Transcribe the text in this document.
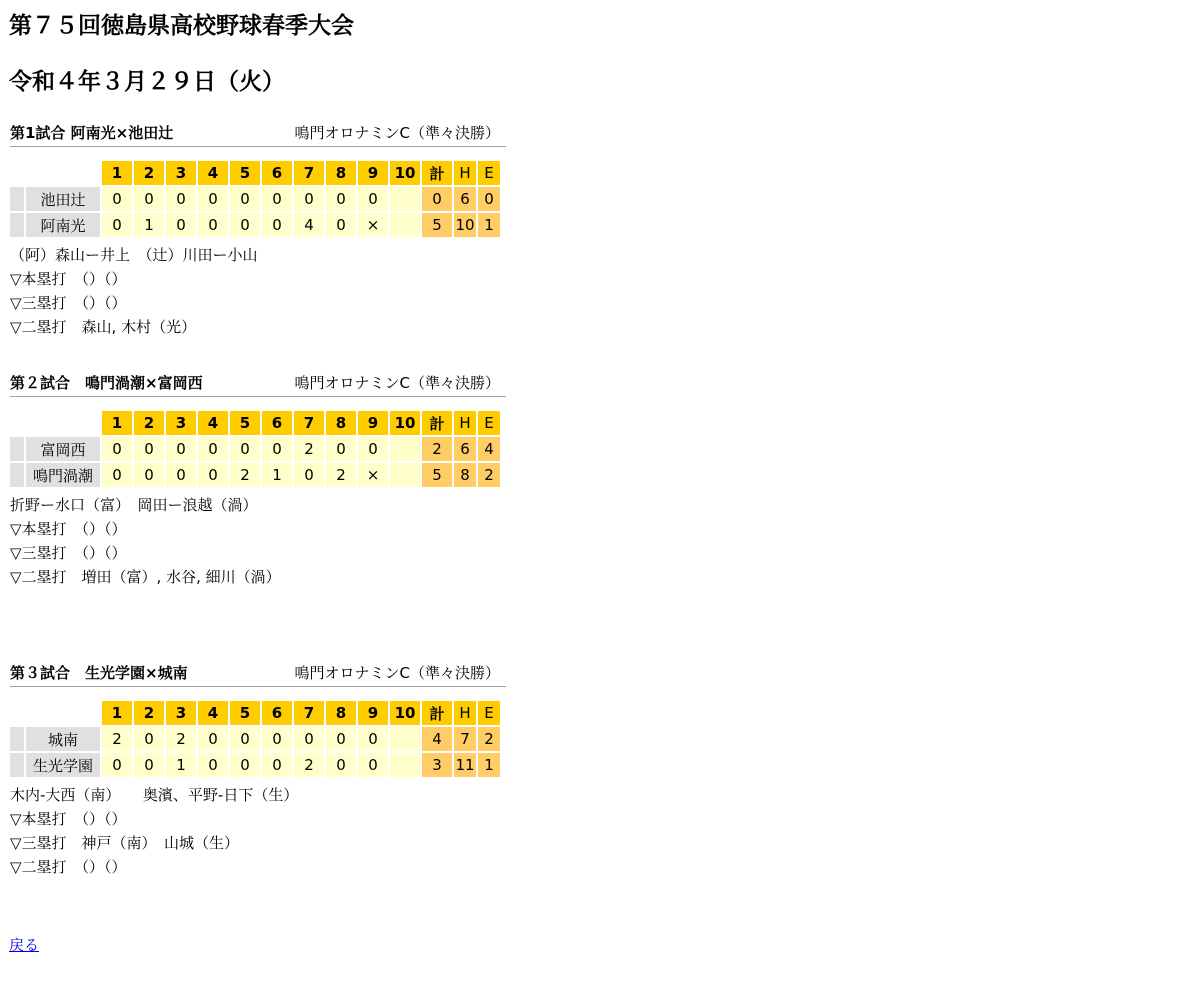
第７５回徳島県高校野球春季大会
令和４年３月２９日（火）
第1試合 阿南光×池田辻	鳴門オロナミンC（準々決勝）
		1	2	3	4	5	6	7	8	9	10	計	H	E
	池田辻	0	0	0	0	0	0	0	0	0		0	6	0
	阿南光	0	1	0	0	0	0	4	0	×		5	10	1
（阿）森山ー井上　（辻）川田ー小山
▽本塁打　（）（）
▽三塁打　（）（）
▽二塁打　森山, 木村（光）
第２試合　鳴門渦潮×富岡西	鳴門オロナミンC（準々決勝）
		1	2	3	4	5	6	7	8	9	10	計	H	E
	富岡西	0	0	0	0	0	0	2	0	0		2	6	4
	鳴門渦潮	0	0	0	0	2	1	0	2	×		5	8	2
折野ー水口（富）　岡田ー浪越（渦）
▽本塁打　（）（）
▽三塁打　（）（）
▽二塁打　増田（富）, 水谷, 細川（渦）
第３試合　生光学園×城南	鳴門オロナミンC（準々決勝）
		1	2	3	4	5	6	7	8	9	10	計	H	E
	城南	2	0	2	0	0	0	0	0	0		4	7	2
	生光学園	0	0	1	0	0	0	2	0	0		3	11	1
木内-大西（南）　　奥濱、平野-日下（生）
▽本塁打　（）（）
▽三塁打　神戸（南）　山城（生）
▽二塁打　（）（）
戻る
